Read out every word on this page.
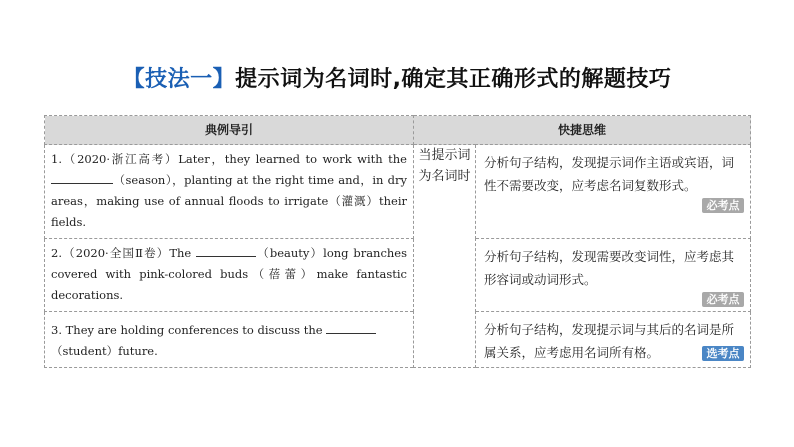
【技法一】提示词为名词时,确定其正确形式的解题技巧
典例导引	快捷思维	
1.（2020·浙江高考）Later，they learned to work with the （season），planting at the right time and，in dry areas，making use of annual floods to irrigate（灌溉）their fields.	当提示词为名词时	分析句子结构，发现提示词作主语或宾语，词性不需要改变，应考虑名词复数形式。
必考点

2.（2020·全国Ⅱ卷）The （beauty）long branches covered with pink-colored buds（蓓蕾）make fantastic decorations.		分析句子结构，发现需要改变词性，应考虑其形容词或动词形式。
必考点

3. They are holding conferences to discuss the
（student）future.		分析句子结构，发现提示词与其后的名词是所属关系，应考虑用名词所有格。 选考点
